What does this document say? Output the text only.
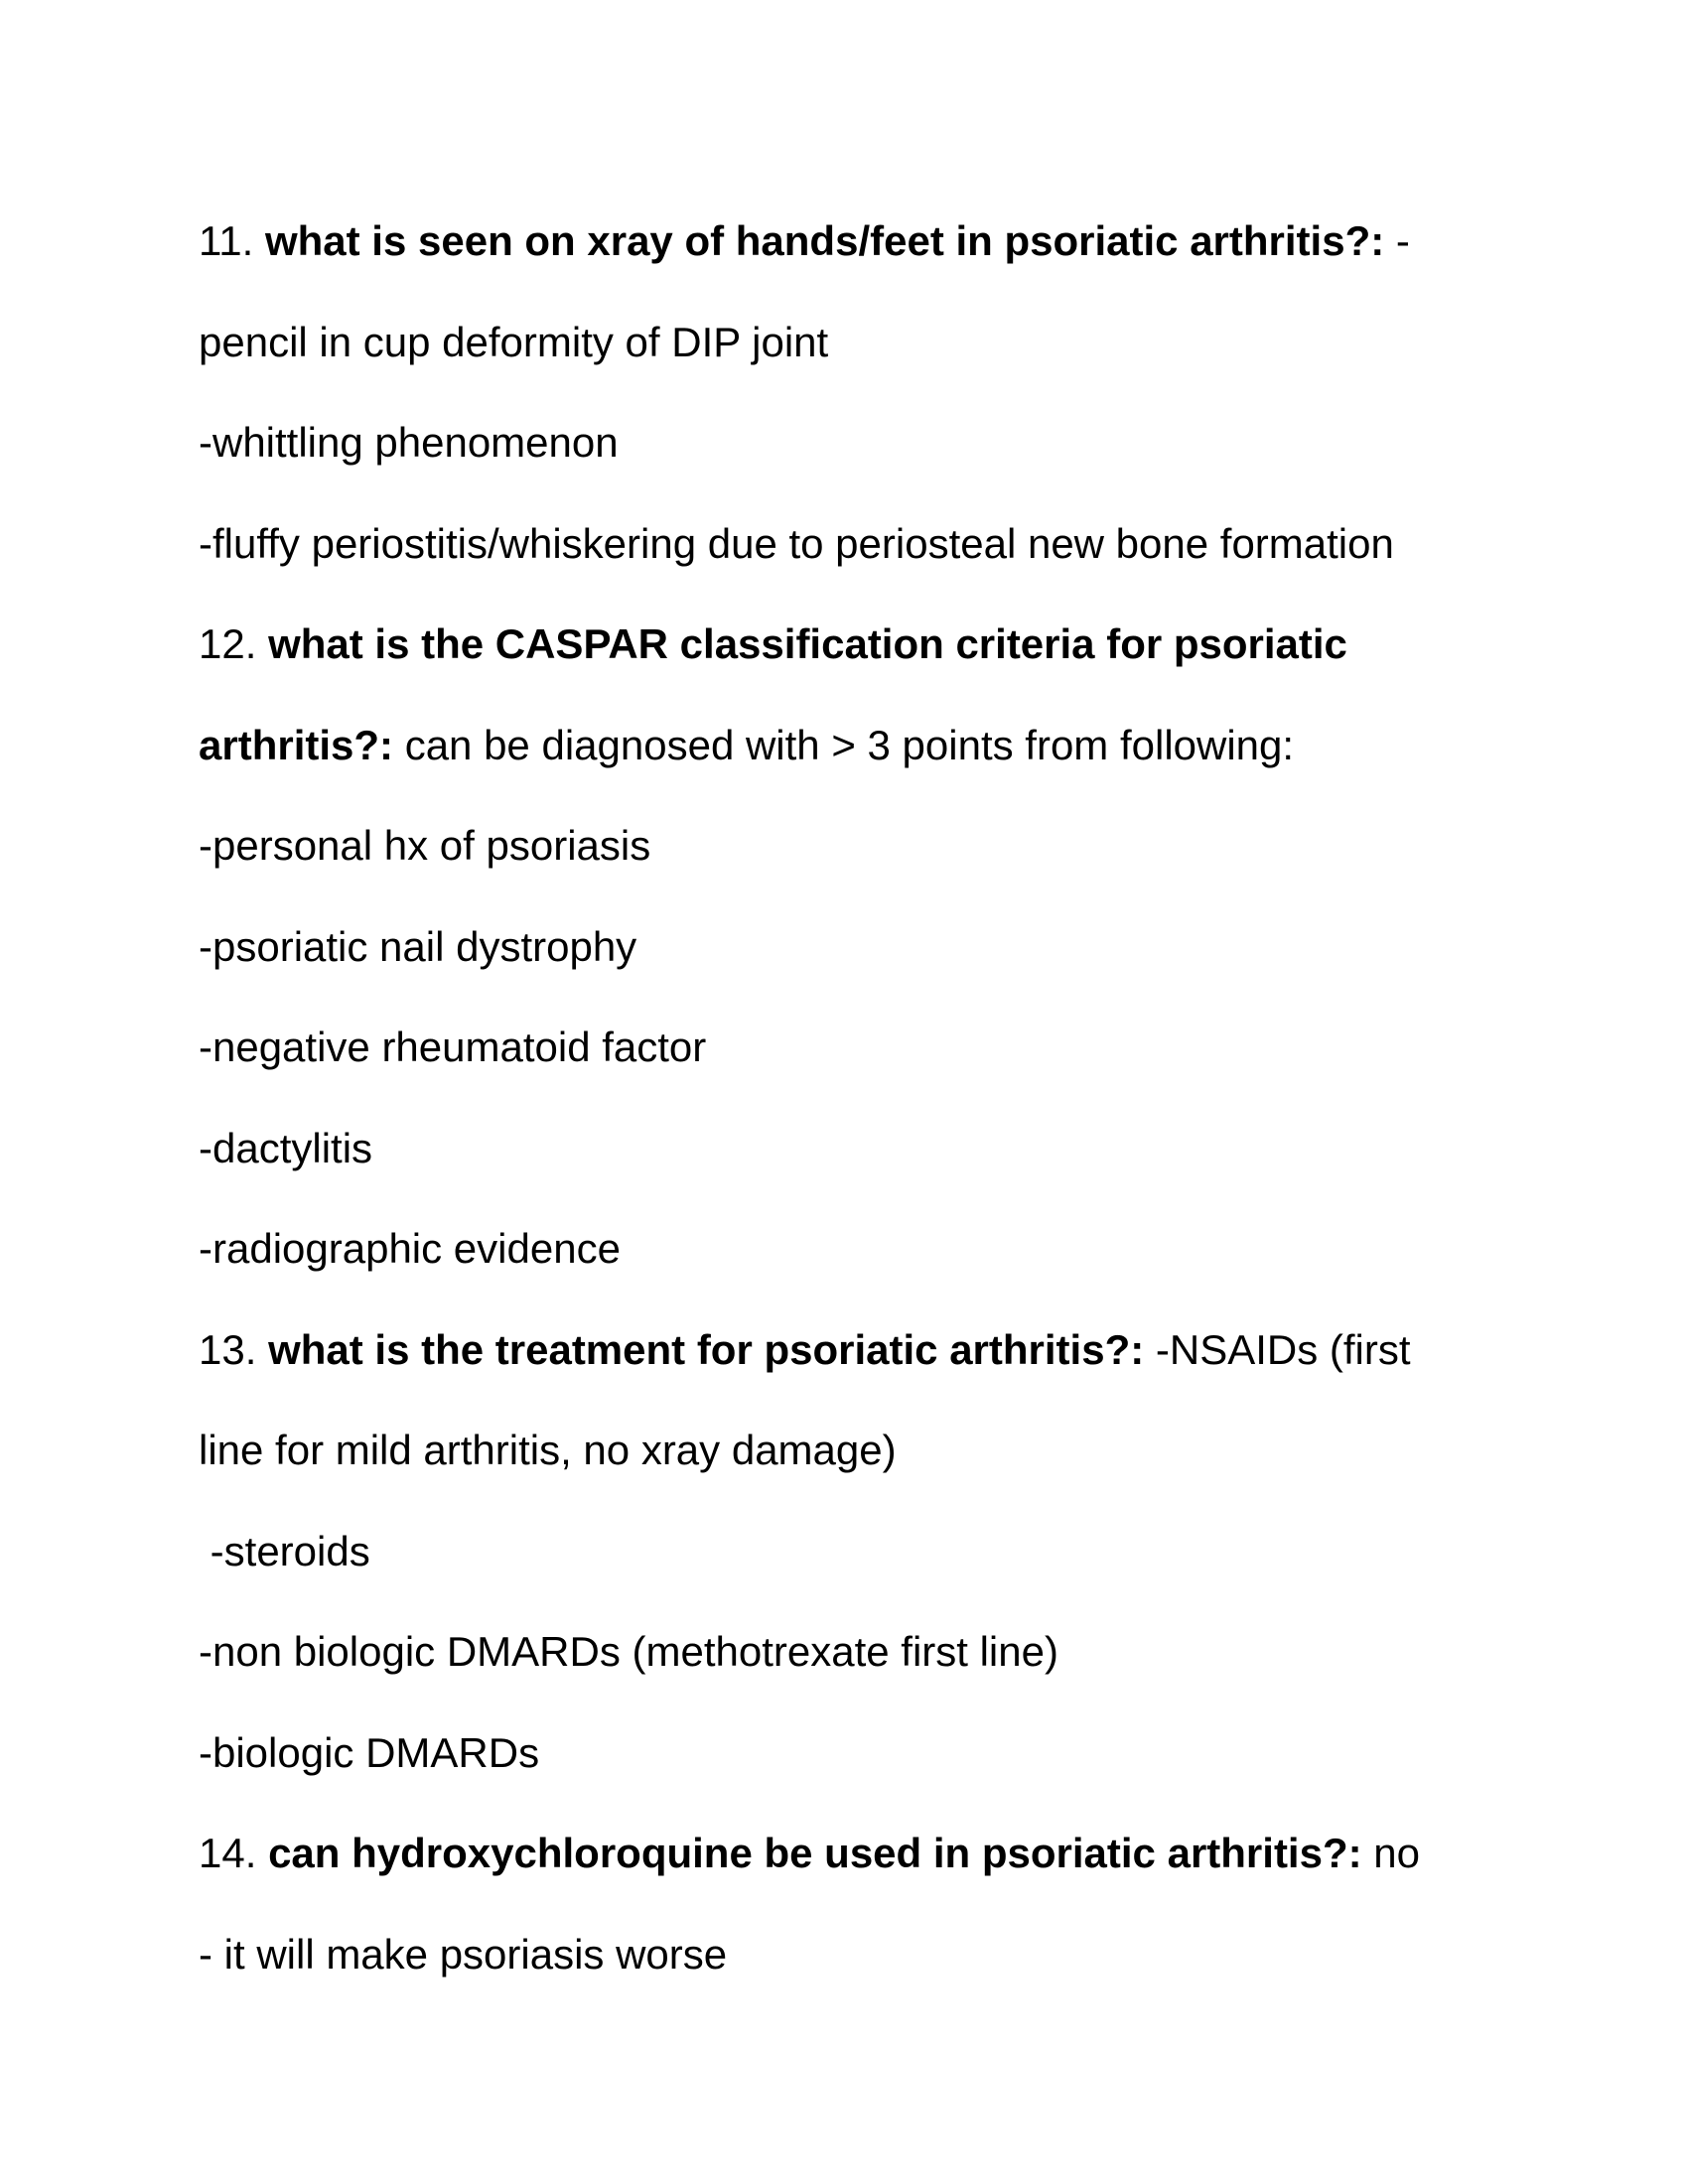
11. what is seen on xray of hands/feet in psoriatic arthritis?: -

pencil in cup deformity of DIP joint

-whittling phenomenon

-fluffy periostitis/whiskering due to periosteal new bone formation

12. what is the CASPAR classification criteria for psoriatic

arthritis?: can be diagnosed with > 3 points from following:

-personal hx of psoriasis

-psoriatic nail dystrophy

-negative rheumatoid factor

-dactylitis

-radiographic evidence

13. what is the treatment for psoriatic arthritis?: -NSAIDs (first

line for mild arthritis, no xray damage)

-steroids

-non biologic DMARDs (methotrexate first line)

-biologic DMARDs

14. can hydroxychloroquine be used in psoriatic arthritis?: no

- it will make psoriasis worse
